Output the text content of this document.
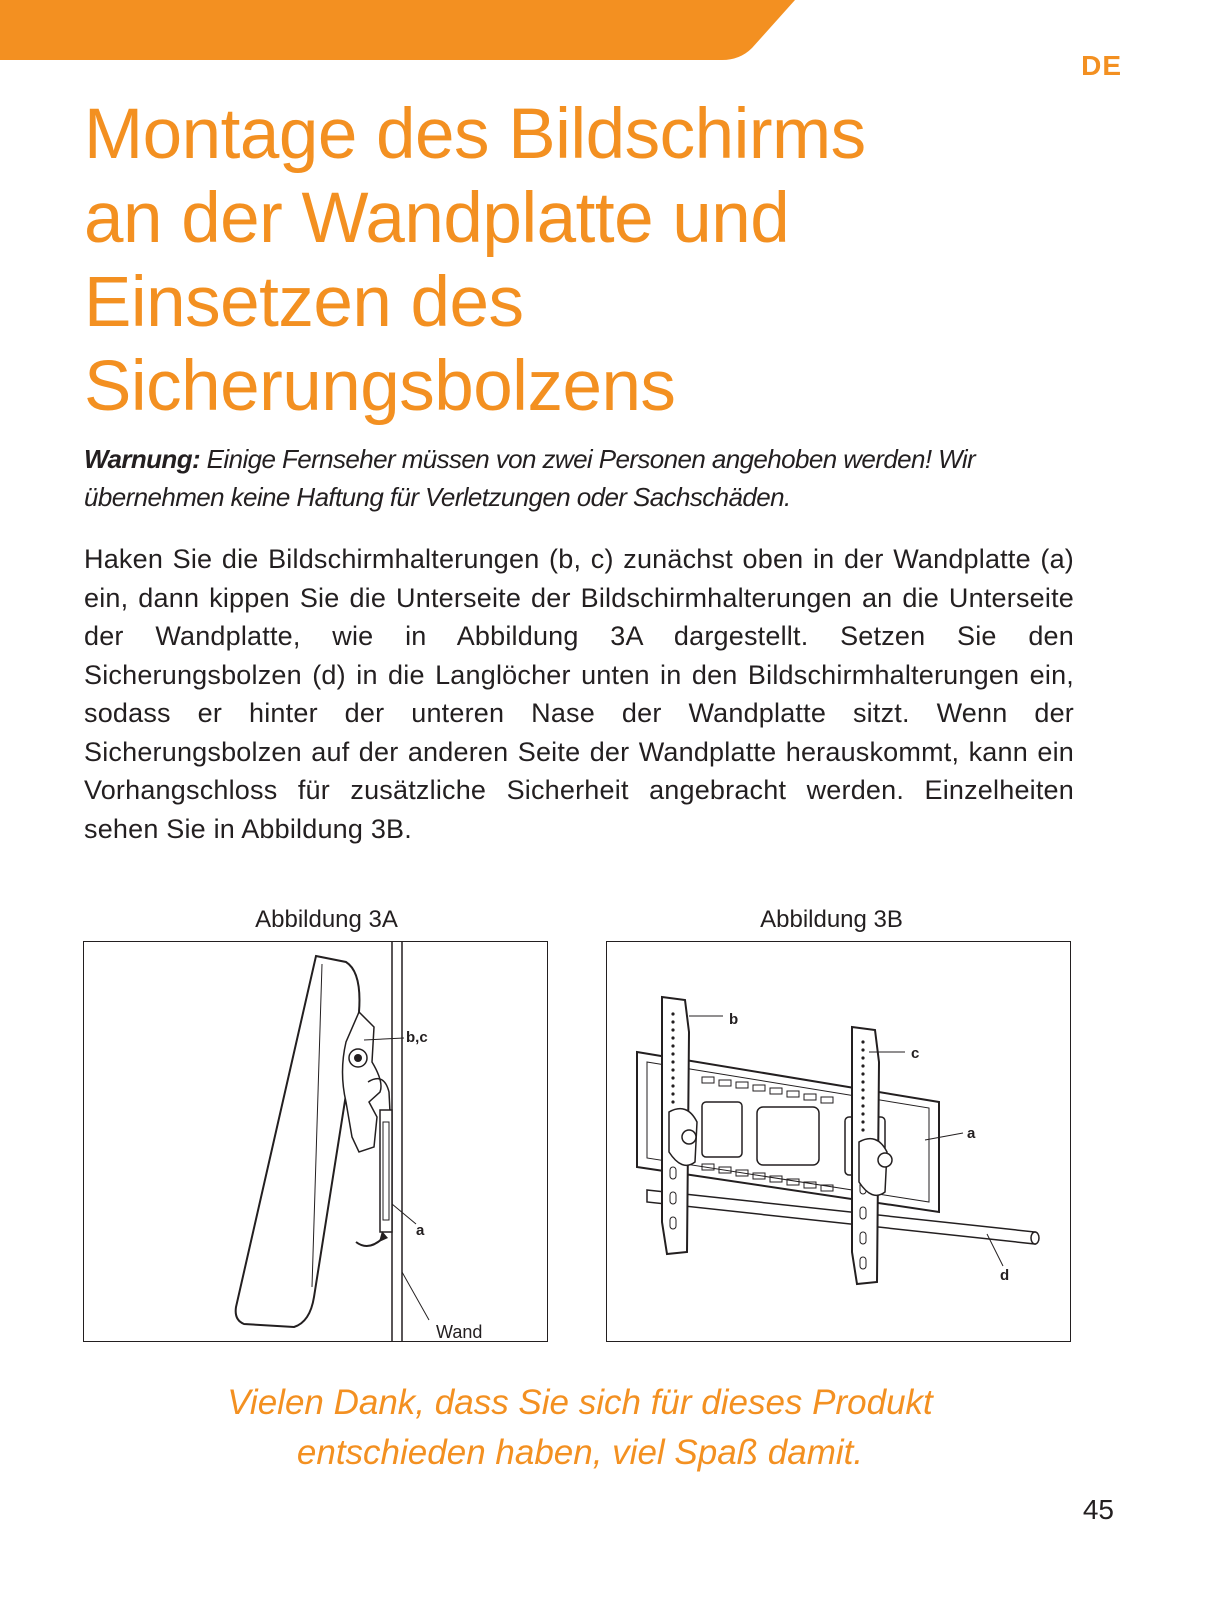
DE
Montage des Bildschirms
an der Wandplatte und
Einsetzen des
Sicherungsbolzens

Warnung: Einige Fernseher müssen von zwei Personen angehoben werden! Wir übernehmen keine Haftung für Verletzungen oder Sachschäden.

Haken Sie die Bildschirmhalterungen (b, c) zunächst oben in der Wandplatte (a) ein, dann kippen Sie die Unterseite der Bildschirmhalterungen an die Unterseite der Wandplatte, wie in Abbildung 3A dargestellt. Setzen Sie den Sicherungsbolzen (d) in die Langlöcher unten in den Bildschirmhalterungen ein, sodass er hinter der unteren Nase der Wandplatte sitzt. Wenn der Sicherungsbolzen auf der anderen Seite der Wandplatte herauskommt, kann ein Vorhangschloss für zusätzliche Sicherheit angebracht werden. Einzelheiten sehen Sie in Abbildung 3B.

Abbildung 3A
b,c
a
Wand
Abbildung 3B
b
c
a
d

Vielen Dank, dass Sie sich für dieses Produkt
entschieden haben, viel Spaß damit.

45
